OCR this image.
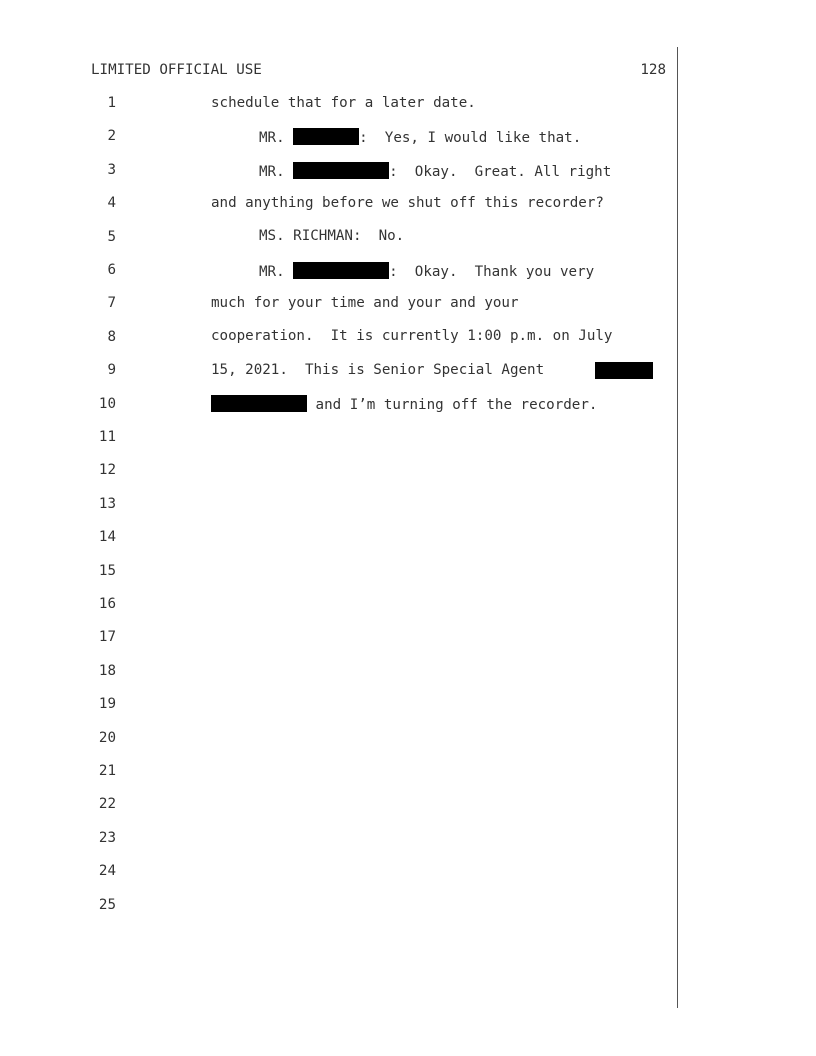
LIMITED OFFICIAL USE	128
1
2
3
4
5
6
7
8
9
10
11
12
13
14
15
16
17
18
19
20
21
22
23
24
25
schedule that for a later date.
MR.	:  Yes, I would like that.
MR.	:  Okay.  Great. All right
and anything before we shut off this recorder?
MS. RICHMAN:  No.
MR.	:  Okay.  Thank you very
much for your time and your and your
cooperation.  It is currently 1:00 p.m. on July
15, 2021.  This is Senior Special Agent
and I’m turning off the recorder.
